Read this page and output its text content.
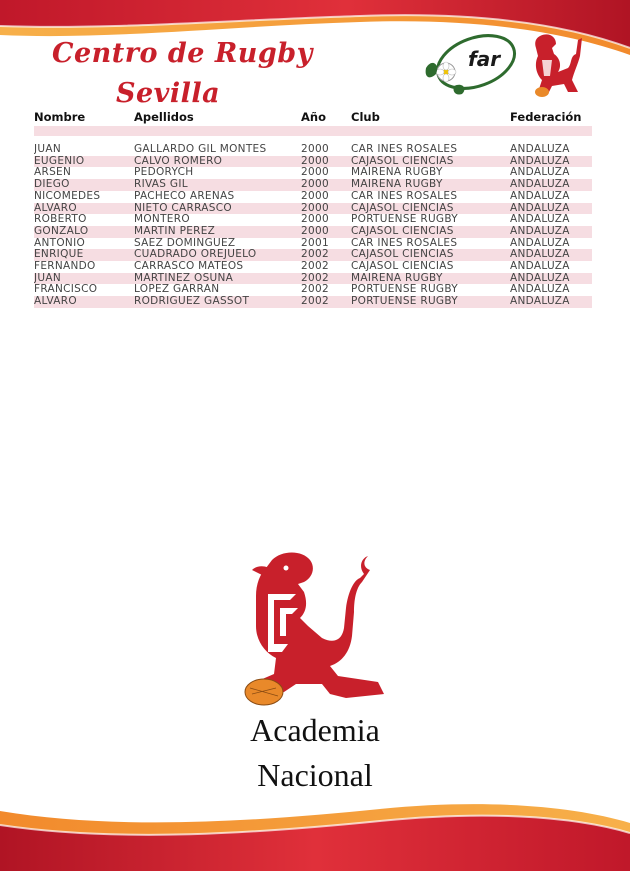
Centro de Rugby
Sevilla
far
Nombre	Apellidos	Año	Club	Federación

JUAN	GALLARDO GIL MONTES	2000	CAR INÉS ROSALES	ANDALUZA
EUGENIO	CALVO ROMERO	2000	CAJASOL CIENCIAS	ANDALUZA
ARSEN	PEDORYCH	2000	MAIRENA RUGBY	ANDALUZA
DIEGO	RIVAS GIL	2000	MAIRENA RUGBY	ANDALUZA
NICOMEDES	PACHECO ARENAS	2000	CAR INÉS ROSALES	ANDALUZA
ÁLVARO	NIETO CARRASCO	2000	CAJASOL CIENCIAS	ANDALUZA
ROBERTO	MONTERO	2000	PORTUENSE RUGBY	ANDALUZA
GONZALO	MARTÍN PÉREZ	2000	CAJASOL CIENCIAS	ANDALUZA
ANTONIO	SÁEZ DOMÍNGUEZ	2001	CAR INÉS ROSALES	ANDALUZA
ENRIQUE	CUADRADO OREJUELO	2002	CAJASOL CIENCIAS	ANDALUZA
FERNANDO	CARRASCO MATEOS	2002	CAJASOL CIENCIAS	ANDALUZA
JUAN	MARTÍNEZ OSUNA	2002	MAIRENA RUGBY	ANDALUZA
FRANCISCO	LÓPEZ GARRÁN	2002	PORTUENSE RUGBY	ANDALUZA
ÁLVARO	RODRÍGUEZ GASSOT	2002	PORTUENSE RUGBY	ANDALUZA
Academia
Nacional
